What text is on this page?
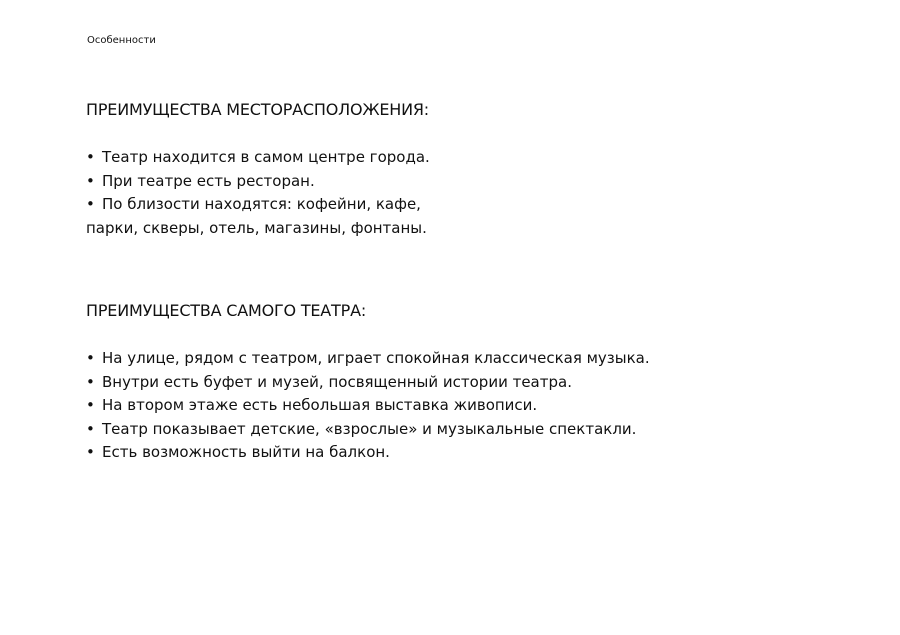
Особенности
ПРЕИМУЩЕСТВА МЕСТОРАСПОЛОЖЕНИЯ:
• Театр находится в самом центре города.
• При театре есть ресторан.
• По близости находятся: кофейни, кафе,

парки, скверы, отель, магазины, фонтаны.

ПРЕИМУЩЕСТВА САМОГО ТЕАТРА:
• На улице, рядом с театром, играет спокойная классическая музыка.
• Внутри есть буфет и музей, посвященный истории театра.
• На втором этаже есть небольшая выставка живописи.
• Театр показывает детские, «взрослые» и музыкальные спектакли.
• Есть возможность выйти на балкон.
